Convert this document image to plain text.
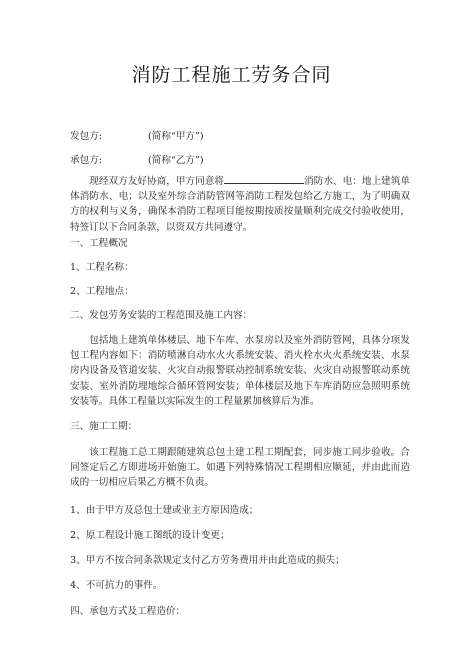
消防工程施工劳务合同
发包方:	(简称“甲方”)
承包方:	(简称“乙方”)
现经双方友好协商，甲方同意将	消防水、电：地上建筑单体消防水、电；以及室外综合消防管网等消防工程发包给乙方施工，为了明确双方的权利与义务，确保本消防工程项目能按期按质按量顺利完成交付验收使用，特签订以下合同条款，以资双方共同遵守。
一、工程概况
1、工程名称：
2、工程地点：
二、发包劳务安装的工程范围及施工内容：
包括地上建筑单体楼层、地下车库、水泵房以及室外消防管网，具体分项发包工程内容如下：消防喷淋自动水火火系统安装、消火栓水火火系统安装、水泵房内设备及管道安装、火灾自动报警联动控制系统安装、火灾自动报警联动系统安装、室外消防埋地综合循环管网安装；单体楼层及地下车库消防应急照明系统安装等。具体工程量以实际发生的工程量累加核算后为准。
三、施工工期：
该工程施工总工期跟随建筑总包土建工程工期配套，同步施工同步验收。合同签定后乙方即进场开始施工。如遇下列特殊情况工程期相应顺延，并由此而造成的一切相应后果乙方概不负责。
1、由于甲方及总包土建或业主方原因造成；
2、原工程设计施工图纸的设计变更；
3、甲方不按合同条款规定支付乙方劳务费用并由此造成的损失；
4、不可抗力的事件。
四、承包方式及工程造价：
